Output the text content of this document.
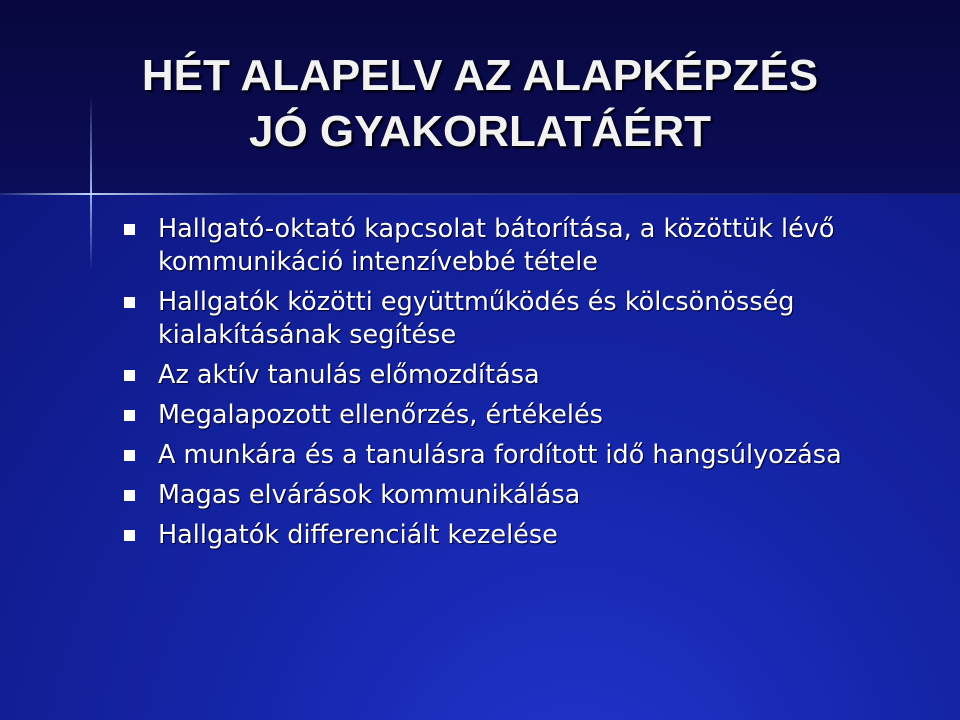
HÉT ALAPELV AZ ALAPKÉPZÉS
JÓ GYAKORLATÁÉRT
Hallgató-oktató kapcsolat bátorítása, a közöttük lévő kommunikáció intenzívebbé tétele
Hallgatók közötti együttműködés és kölcsönösség kialakításának segítése
Az aktív tanulás előmozdítása
Megalapozott ellenőrzés, értékelés
A munkára és a tanulásra fordított idő hangsúlyozása
Magas elvárások kommunikálása
Hallgatók differenciált kezelése
